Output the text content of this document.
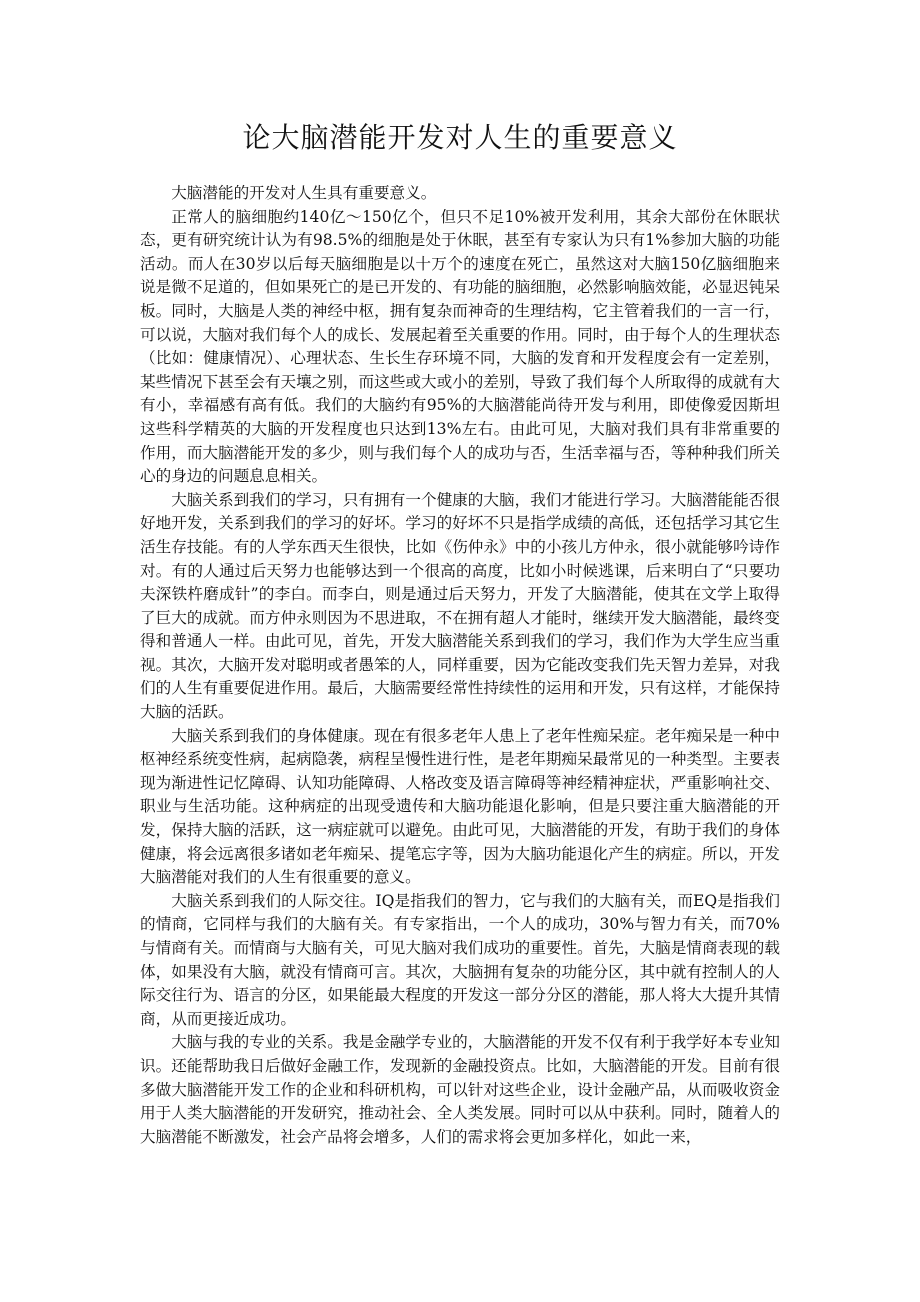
论大脑潜能开发对人生的重要意义

大脑潜能的开发对人生具有重要意义。

正常人的脑细胞约140亿～150亿个，但只不足10%被开发利用，其余大部份在休眠状态，更有研究统计认为有98.5%的细胞是处于休眠，甚至有专家认为只有1%参加大脑的功能活动。而人在30岁以后每天脑细胞是以十万个的速度在死亡，虽然这对大脑150亿脑细胞来说是微不足道的，但如果死亡的是已开发的、有功能的脑细胞，必然影响脑效能，必显迟钝呆板。同时，大脑是人类的神经中枢，拥有复杂而神奇的生理结构，它主管着我们的一言一行，可以说，大脑对我们每个人的成长、发展起着至关重要的作用。同时，由于每个人的生理状态（比如：健康情况）、心理状态、生长生存环境不同，大脑的发育和开发程度会有一定差别，某些情况下甚至会有天壤之别，而这些或大或小的差别，导致了我们每个人所取得的成就有大有小，幸福感有高有低。我们的大脑约有95%的大脑潜能尚待开发与利用，即使像爱因斯坦这些科学精英的大脑的开发程度也只达到13%左右。由此可见，大脑对我们具有非常重要的作用，而大脑潜能开发的多少，则与我们每个人的成功与否，生活幸福与否，等种种我们所关心的身边的问题息息相关。

大脑关系到我们的学习，只有拥有一个健康的大脑，我们才能进行学习。大脑潜能能否很好地开发，关系到我们的学习的好坏。学习的好坏不只是指学成绩的高低，还包括学习其它生活生存技能。有的人学东西天生很快，比如《伤仲永》中的小孩儿方仲永，很小就能够吟诗作对。有的人通过后天努力也能够达到一个很高的高度，比如小时候逃课，后来明白了“只要功夫深铁杵磨成针”的李白。而李白，则是通过后天努力，开发了大脑潜能，使其在文学上取得了巨大的成就。而方仲永则因为不思进取，不在拥有超人才能时，继续开发大脑潜能，最终变得和普通人一样。由此可见，首先，开发大脑潜能关系到我们的学习，我们作为大学生应当重视。其次，大脑开发对聪明或者愚笨的人，同样重要，因为它能改变我们先天智力差异，对我们的人生有重要促进作用。最后，大脑需要经常性持续性的运用和开发，只有这样，才能保持大脑的活跃。

大脑关系到我们的身体健康。现在有很多老年人患上了老年性痴呆症。老年痴呆是一种中枢神经系统变性病，起病隐袭，病程呈慢性进行性，是老年期痴呆最常见的一种类型。主要表现为渐进性记忆障碍、认知功能障碍、人格改变及语言障碍等神经精神症状，严重影响社交、职业与生活功能。这种病症的出现受遗传和大脑功能退化影响，但是只要注重大脑潜能的开发，保持大脑的活跃，这一病症就可以避免。由此可见，大脑潜能的开发，有助于我们的身体健康，将会远离很多诸如老年痴呆、提笔忘字等，因为大脑功能退化产生的病症。所以，开发大脑潜能对我们的人生有很重要的意义。

大脑关系到我们的人际交往。IQ是指我们的智力，它与我们的大脑有关，而EQ是指我们的情商，它同样与我们的大脑有关。有专家指出，一个人的成功，30%与智力有关，而70%与情商有关。而情商与大脑有关，可见大脑对我们成功的重要性。首先，大脑是情商表现的载体，如果没有大脑，就没有情商可言。其次，大脑拥有复杂的功能分区，其中就有控制人的人际交往行为、语言的分区，如果能最大程度的开发这一部分分区的潜能，那人将大大提升其情商，从而更接近成功。

大脑与我的专业的关系。我是金融学专业的，大脑潜能的开发不仅有利于我学好本专业知识。还能帮助我日后做好金融工作，发现新的金融投资点。比如，大脑潜能的开发。目前有很多做大脑潜能开发工作的企业和科研机构，可以针对这些企业，设计金融产品，从而吸收资金用于人类大脑潜能的开发研究，推动社会、全人类发展。同时可以从中获利。同时，随着人的大脑潜能不断激发，社会产品将会增多，人们的需求将会更加多样化，如此一来，
